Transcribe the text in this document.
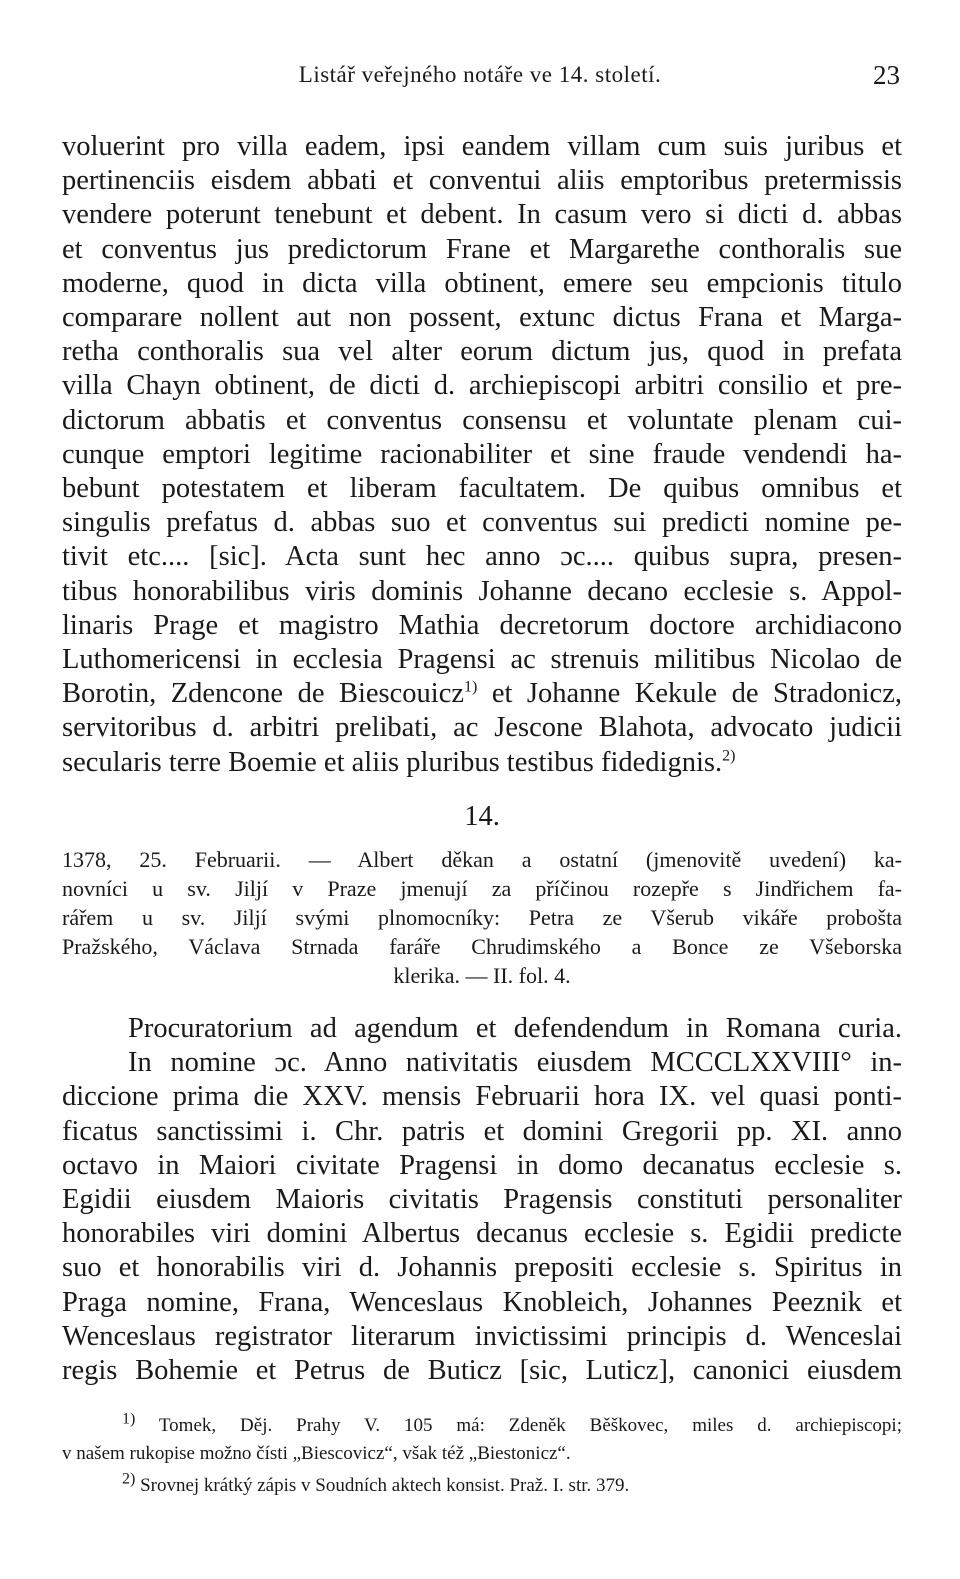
Listář veřejného notáře ve 14. století.	23
voluerint pro villa eadem, ipsi eandem villam cum suis juribus et
pertinenciis eisdem abbati et conventui aliis emptoribus pretermissis
vendere poterunt tenebunt et debent. In casum vero si dicti d. abbas
et conventus jus predictorum Frane et Margarethe conthoralis sue
moderne, quod in dicta villa obtinent, emere seu empcionis titulo
comparare nollent aut non possent, extunc dictus Frana et Marga-
retha conthoralis sua vel alter eorum dictum jus, quod in prefata
villa Chayn obtinent, de dicti d. archiepiscopi arbitri consilio et pre-
dictorum abbatis et conventus consensu et voluntate plenam cui-
cunque emptori legitime racionabiliter et sine fraude vendendi ha-
bebunt potestatem et liberam facultatem. De quibus omnibus et
singulis prefatus d. abbas suo et conventus sui predicti nomine pe-
tivit etc.... [sic]. Acta sunt hec anno ɔc.... quibus supra, presen-
tibus honorabilibus viris dominis Johanne decano ecclesie s. Appol-
linaris Prage et magistro Mathia decretorum doctore archidiacono
Luthomericensi in ecclesia Pragensi ac strenuis militibus Nicolao de
Borotin, Zdencone de Biescouicz$^{1)}$ et Johanne Kekule de Stradonicz,
servitoribus d. arbitri prelibati, ac Jescone Blahota, advocato judicii
secularis terre Boemie et aliis pluribus testibus fidedignis.$^{2)}$
14.
1378, 25. Februarii. — Albert děkan a ostatní (jmenovitě uvedení) ka-
novníci u sv. Jiljí v Praze jmenují za příčinou rozepře s Jindřichem fa-
rářem u sv. Jiljí svými plnomocníky: Petra ze Všerub vikáře probošta
Pražského, Václava Strnada faráře Chrudimského a Bonce ze Všeborska
klerika. — II. fol. 4.
Procuratorium ad agendum et defendendum in Romana curia.
In nomine ɔc. Anno nativitatis eiusdem MCCCLXXVIII° in-
diccione prima die XXV. mensis Februarii hora IX. vel quasi ponti-
ficatus sanctissimi i. Chr. patris et domini Gregorii pp. XI. anno
octavo in Maiori civitate Pragensi in domo decanatus ecclesie s.
Egidii eiusdem Maioris civitatis Pragensis constituti personaliter
honorabiles viri domini Albertus decanus ecclesie s. Egidii predicte
suo et honorabilis viri d. Johannis prepositi ecclesie s. Spiritus in
Praga nomine, Frana, Wenceslaus Knobleich, Johannes Peeznik et
Wenceslaus registrator literarum invictissimi principis d. Wenceslai
regis Bohemie et Petrus de Buticz [sic, Luticz], canonici eiusdem
$^{1)}$ Tomek, Děj. Prahy V. 105 má: Zdeněk Běškovec, miles d. archiepiscopi;
v našem rukopise možno čísti „Biescovicz“, však též „Biestonicz“.
$^{2)}$ Srovnej krátký zápis v Soudních aktech konsist. Praž. I. str. 379.
